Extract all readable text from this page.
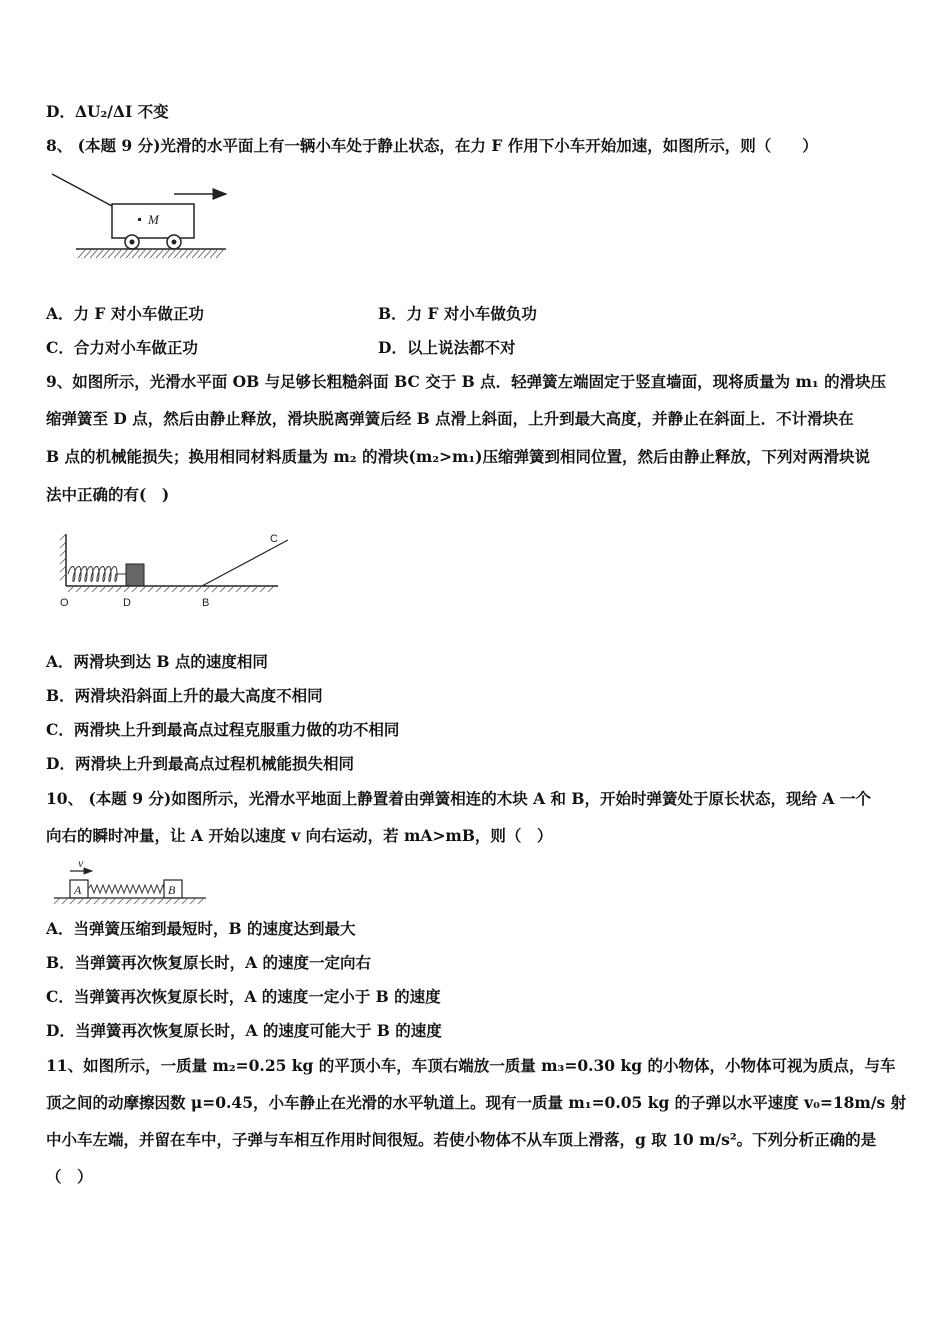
D．ΔU₂/ΔI 不变
8、 (本题 9 分)光滑的水平面上有一辆小车处于静止状态，在力 F 作用下小车开始加速，如图所示，则（　　）
M
A．力 F 对小车做正功	B．力 F 对小车做负功
C．合力对小车做正功	D．以上说法都不对
9、如图所示，光滑水平面 OB 与足够长粗糙斜面 BC 交于 B 点．轻弹簧左端固定于竖直墙面，现将质量为 m₁ 的滑块压
缩弹簧至 D 点，然后由静止释放，滑块脱离弹簧后经 B 点滑上斜面，上升到最大高度，并静止在斜面上．不计滑块在
B 点的机械能损失；换用相同材料质量为 m₂ 的滑块(m₂>m₁)压缩弹簧到相同位置，然后由静止释放，下列对两滑块说
法中正确的有(　)
O	D	B
C
A．两滑块到达 B 点的速度相同
B．两滑块沿斜面上升的最大高度不相同
C．两滑块上升到最高点过程克服重力做的功不相同
D．两滑块上升到最高点过程机械能损失相同
10、 (本题 9 分)如图所示，光滑水平地面上静置着由弹簧相连的木块 A 和 B，开始时弹簧处于原长状态，现给 A 一个
向右的瞬时冲量，让 A 开始以速度 v 向右运动，若 mA>mB，则（　）
v
A	B
A．当弹簧压缩到最短时，B 的速度达到最大
B．当弹簧再次恢复原长时，A 的速度一定向右
C．当弹簧再次恢复原长时，A 的速度一定小于 B 的速度
D．当弹簧再次恢复原长时，A 的速度可能大于 B 的速度
11、如图所示，一质量 m₂=0.25 kg 的平顶小车，车顶右端放一质量 m₃=0.30 kg 的小物体，小物体可视为质点，与车
顶之间的动摩擦因数 μ=0.45，小车静止在光滑的水平轨道上。现有一质量 m₁=0.05 kg 的子弹以水平速度 v₀=18m/s 射
中小车左端，并留在车中，子弹与车相互作用时间很短。若使小物体不从车顶上滑落，g 取 10 m/s²。下列分析正确的是
（　）
